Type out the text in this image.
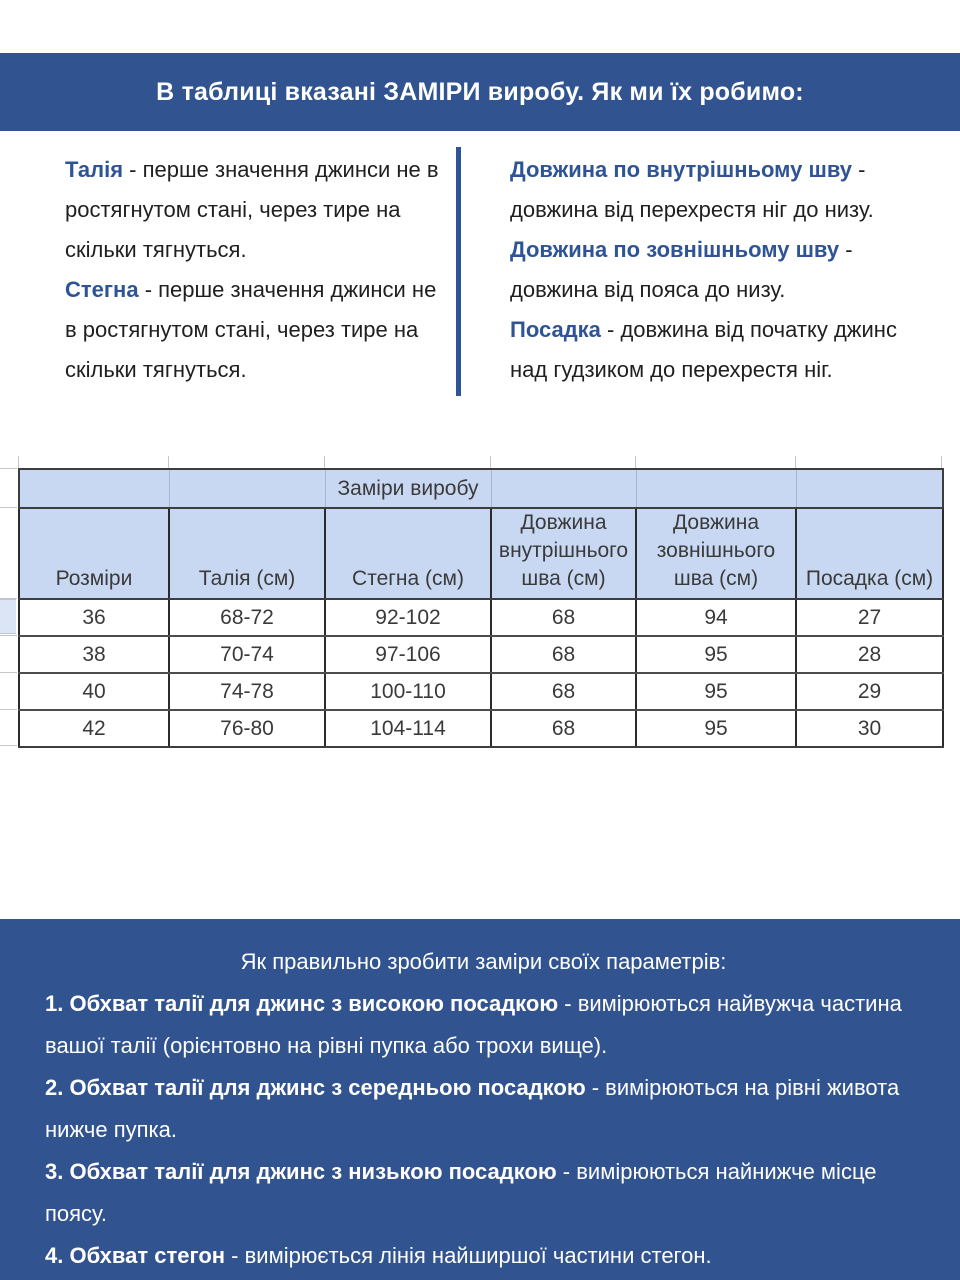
В таблиці вказані ЗАМІРИ виробу. Як ми їх робимо:

Талія - перше значення джинси не в ростягнутом стані, через тире на скільки тягнуться.

Стегна - перше значення джинси не в ростягнутом стані, через тире на скільки тягнуться.

Довжина по внутрішньому шву - довжина від перехрестя ніг до низу.

Довжина по зовнішньому шву - довжина від пояса до низу.

Посадка - довжина від початку джинс над гудзиком до перехрестя ніг.

		Заміри виробу			
Розміри	Талія (см)	Стегна (см)	Довжина внутрішнього шва (см)	Довжина зовнішнього шва (см)	Посадка (см)
36	68-72	92-102	68	94	27
38	70-74	97-106	68	95	28
40	74-78	100-110	68	95	29
42	76-80	104-114	68	95	30

Як правильно зробити заміри своїх параметрів:

1. Обхват талії для джинс з високою посадкою - вимірюються найвужча частина вашої талії (орієнтовно на рівні пупка або трохи вище).

2. Обхват талії для джинс з середньою посадкою - вимірюються на рівні живота нижче пупка.

3. Обхват талії для джинс з низькою посадкою - вимірюються найнижче місце поясу.

4. Обхват стегон - вимірюється лінія найширшої частини стегон.
